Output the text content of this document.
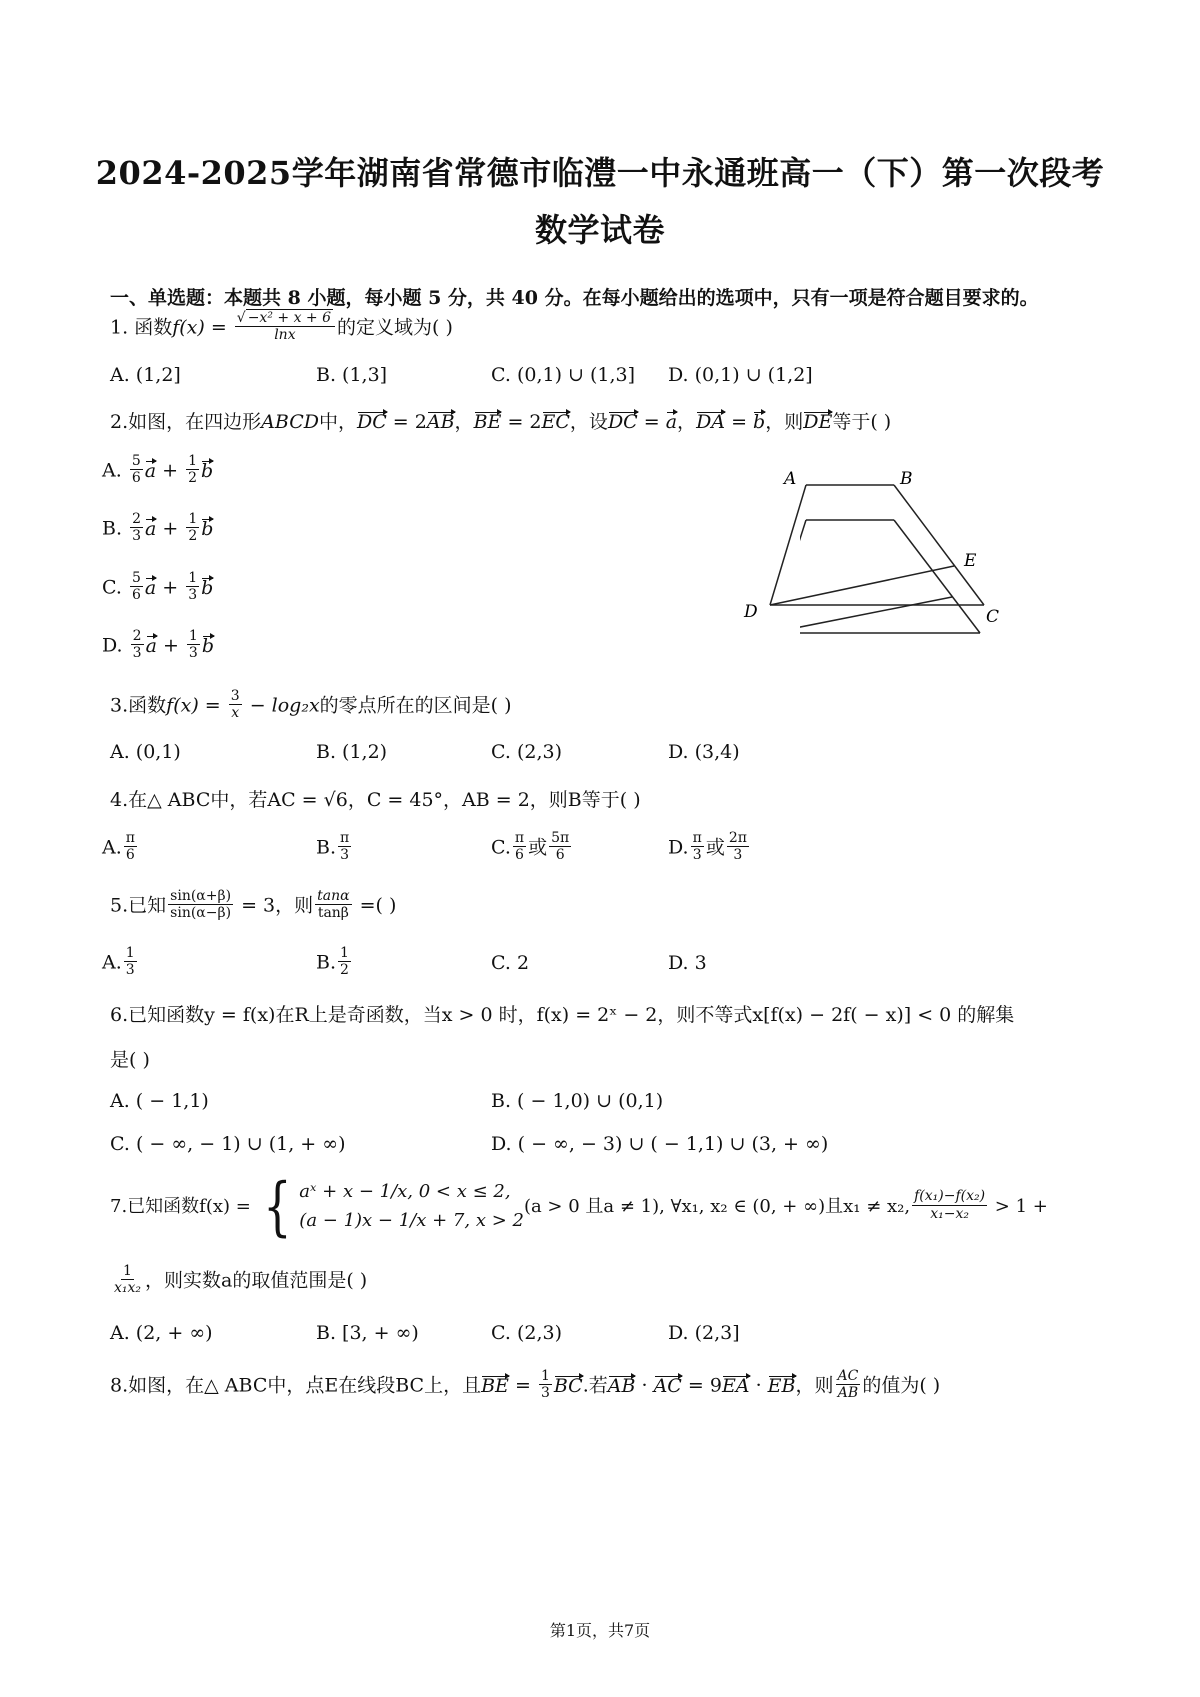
2024-2025学年湖南省常德市临澧一中永通班高一（下）第一次段考
数学试卷
一、单选题：本题共 8 小题，每小题 5 分，共 40 分。在每小题给出的选项中，只有一项是符合题目要求的。
1. 函数$f(x) = \frac{\text{√ −x² + x + 6}}{\ln x}$ 的定义域为( )
A. (1,2]	B. (1,3]	C. (0,1) ∪ (1,3] D. (0,1) ∪ (1,2]
2.如图，在四边形ABCD中，DC = 2AB，BE = 2EC，设DC = a，DA = b，则DE等于( )
A. $\frac{5}{6}$ $a + \frac{1}{2}$ b
B. $\frac{2}{3}$ $a + \frac{1}{2}$ b
C. $\frac{5}{6}$ $a + \frac{1}{3}$ b
D. $\frac{2}{3}$ $a + \frac{1}{3}$ b
A	B
E
D	C
3.函数$f(x) = \frac{3}{x} - \log_2x$的零点所在的区间是( )
A. (0,1)	B. (1,2)	C. (2,3)	D. (3,4)
4.在△ ABC中，若AC = √6，C = 45°，AB = 2，则B等于( )
A. $\frac{\pi}{6}$	B. $\frac{\pi}{3}$	C. $\frac{\pi}{6}$ 或 $\frac{5\pi}{6}$	D. $\frac{\pi}{3}$ 或 $\frac{2\pi}{3}$
5.已知 $\frac{\sin(\alpha+\beta)}{\sin(\alpha-\beta)} = 3$，则 $\frac{\tan\alpha}{\tan\beta}$ =( )
A. $\frac{1}{3}$	B. $\frac{1}{2}$	C. 2	D. 3
6.已知函数y = f(x)在R上是奇函数，当x > 0 时，f(x) = 2ˣ − 2，则不等式x[f(x) − 2f( − x)] < 0 的解集
是( )
A. ( − 1,1)	B. ( − 1,0) ∪ (0,1)
C. ( − ∞, − 1) ∪ (1, + ∞)	D. ( − ∞, − 3) ∪ ( − 1,1) ∪ (3, + ∞)
7.已知函数f(x) = { aˣ + x − 1/x, 0 < x ≤ 2,
(a − 1)x − 1/x + 7, x > 2
(a > 0 且a ≠ 1), ∀x₁, x₂ ∈ (0, + ∞)且x₁ ≠ x₂, $\frac{\text{f(x₁)−f(x₂)}}{\text{x₁−x₂}} > 1$ +
$\frac{1}{\text{x₁x₂}}$ ，则实数a的取值范围是( )
A. (2, + ∞)	B. [3, + ∞)	C. (2,3)	D. (2,3]
8.如图，在△ ABC中，点E在线段BC上，且BE = $\frac{1}{3}$ BC.若AB · AC = 9EA · EB，则 $\frac{AC}{AB}$ 的值为( )
第1页，共7页
